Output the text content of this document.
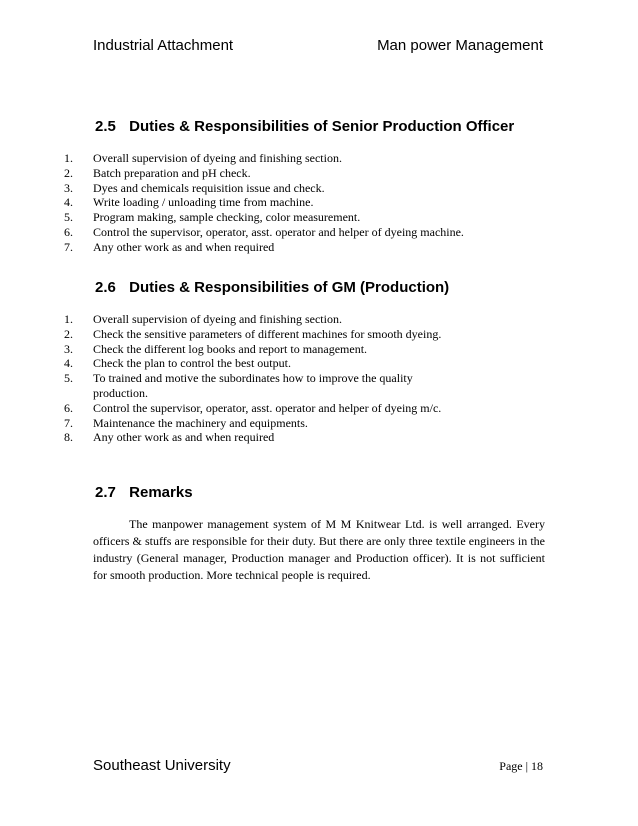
Industrial Attachment	Man power Management
2.5 Duties & Responsibilities of Senior Production Officer
1.	Overall supervision of dyeing and finishing section.
2.	Batch preparation and pH check.
3.	Dyes and chemicals requisition issue and check.
4.	Write loading / unloading time from machine.
5.	Program making, sample checking, color measurement.
6.	Control the supervisor, operator, asst. operator and helper of dyeing machine.
7.	Any other work as and when required
2.6 Duties & Responsibilities of GM (Production)
1.	Overall supervision of dyeing and finishing section.
2.	Check the sensitive parameters of different machines for smooth dyeing.
3.	Check the different log books and report to management.
4.	Check the plan to control the best output.
5.	To trained and motive the subordinates how to improve the quality production.
6.	Control the supervisor, operator, asst. operator and helper of dyeing m/c.
7.	Maintenance the machinery and equipments.
8.	Any other work as and when required
2.7 Remarks

The manpower management system of M M Knitwear Ltd. is well arranged. Every officers & stuffs are responsible for their duty. But there are only three textile engineers in the industry (General manager, Production manager and Production officer). It is not sufficient for smooth production. More technical people is required.

Southeast University	Page | 18
